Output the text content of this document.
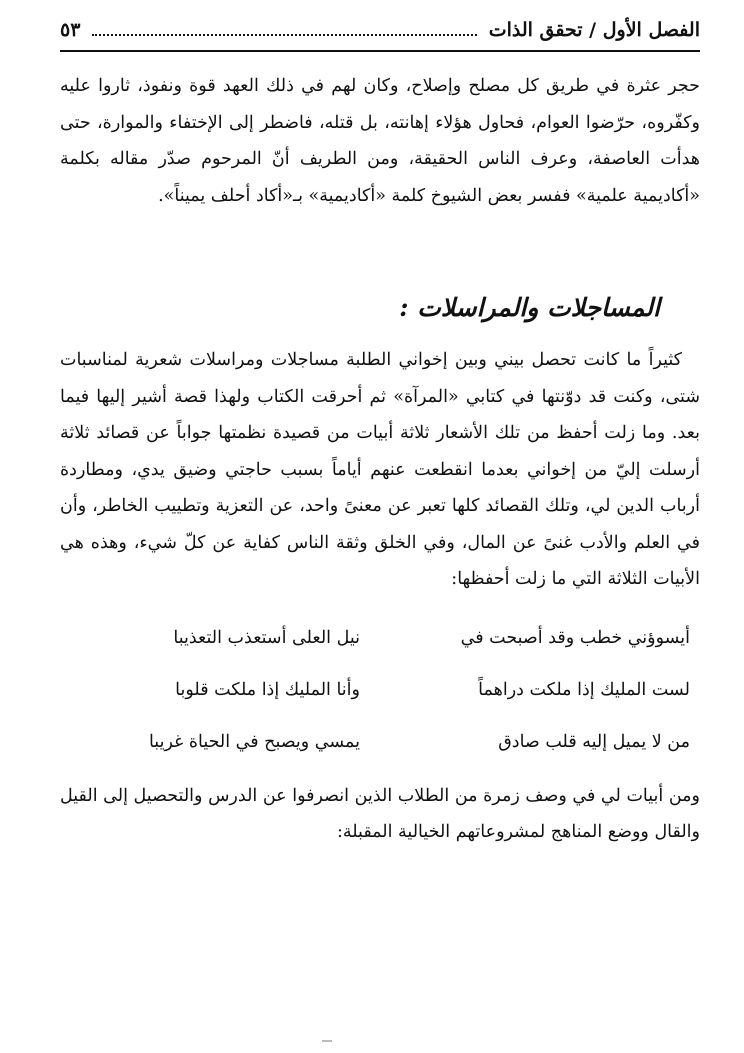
الفصل الأول / تحقق الذات
٥٣

حجر عثرة في طريق كل مصلح وإصلاح، وكان لهم في ذلك العهد قوة ونفوذ، ثاروا عليه وكفّروه، حرّضوا العوام، فحاول هؤلاء إهانته، بل قتله، فاضطر إلى الإختفاء والموارة، حتى هدأت العاصفة، وعرف الناس الحقيقة، ومن الطريف أنّ المرحوم صدّر مقاله بكلمة «أكاديمية علمية» ففسر بعض الشيوخ كلمة «أكاديمية» بـ«أكاد أحلف يميناً».

المساجلات والمراسلات :

كثيراً ما كانت تحصل بيني وبين إخواني الطلبة مساجلات ومراسلات شعرية لمناسبات شتى، وكنت قد دوّنتها في كتابي «المرآة» ثم أحرقت الكتاب ولهذا قصة أشير إليها فيما بعد. وما زلت أحفظ من تلك الأشعار ثلاثة أبيات من قصيدة نظمتها جواباً عن قصائد ثلاثة أرسلت إليّ من إخواني بعدما انقطعت عنهم أياماً بسبب حاجتي وضيق يدي، ومطاردة أرباب الدين لي، وتلك القصائد كلها تعبر عن معنىً واحد، عن التعزية وتطييب الخاطر، وأن في العلم والأدب غنىً عن المال، وفي الخلق وثقة الناس كفاية عن كلّ شيء، وهذه هي الأبيات الثلاثة التي ما زلت أحفظها:

أيسوؤني خطب وقد أصبحت في
نيل العلى أستعذب التعذيبا
لست المليك إذا ملكت دراهماً
وأنا المليك إذا ملكت قلوبا
من لا يميل إليه قلب صادق
يمسي ويصبح في الحياة غريبا

ومن أبيات لي في وصف زمرة من الطلاب الذين انصرفوا عن الدرس والتحصيل إلى القيل والقال ووضع المناهج لمشروعاتهم الخيالية المقبلة:
